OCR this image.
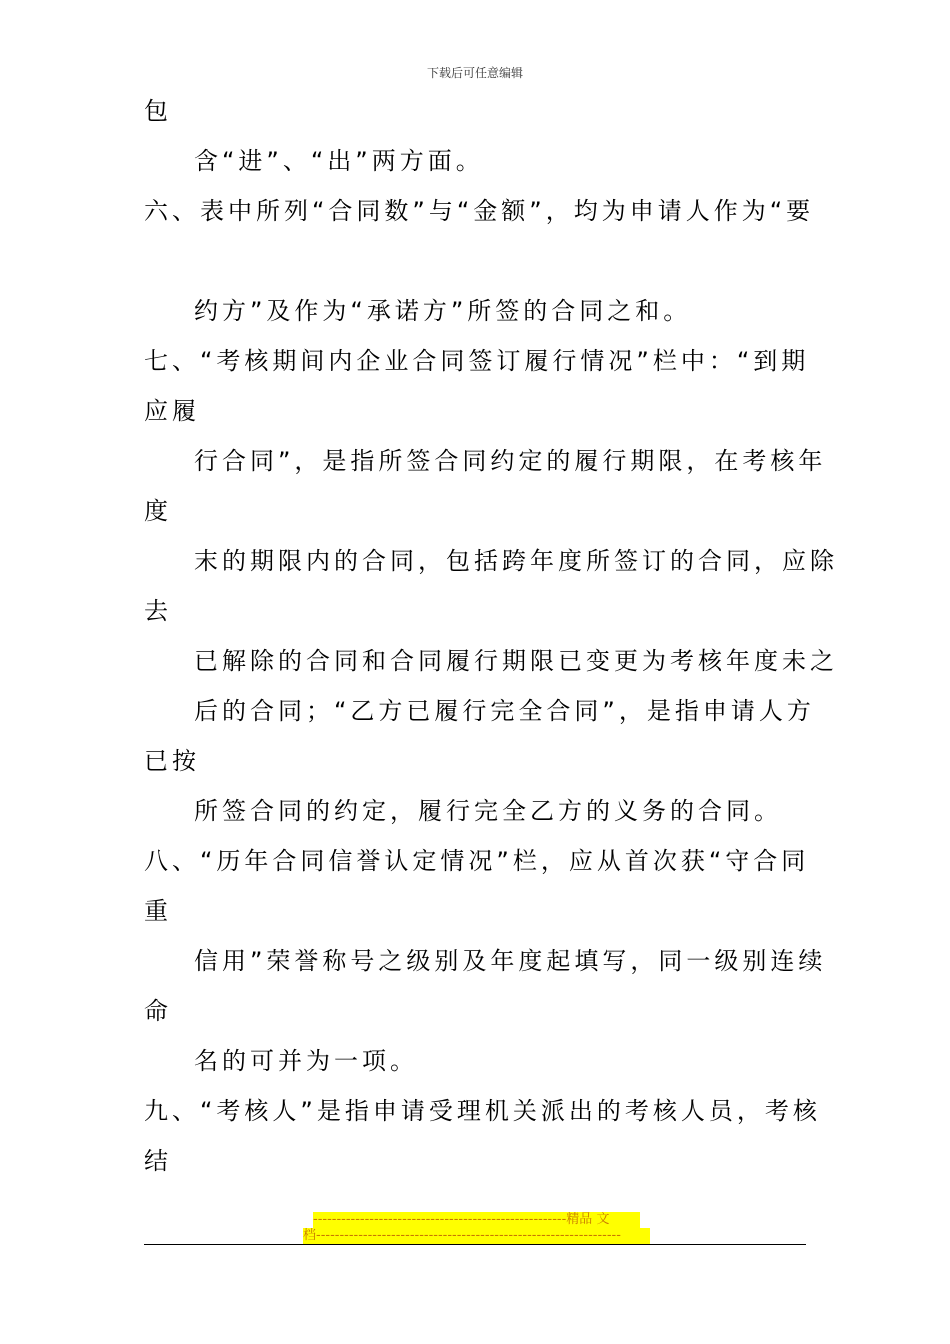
下载后可任意编辑
包
含“进”、“出”两方面。
六、表中所列“合同数”与“金额”，均为申请人作为“要
约方”及作为“承诺方”所签的合同之和。
七、“考核期间内企业合同签订履行情况”栏中：“到期
应履
行合同”，是指所签合同约定的履行期限，在考核年
度
末的期限内的合同，包括跨年度所签订的合同，应除
去
已解除的合同和合同履行期限已变更为考核年度未之
后的合同；“乙方已履行完全合同”，是指申请人方
已按
所签合同的约定，履行完全乙方的义务的合同。
八、“历年合同信誉认定情况”栏，应从首次获“守合同
重
信用”荣誉称号之级别及年度起填写，同一级别连续
命
名的可并为一项。
九、“考核人”是指申请受理机关派出的考核人员，考核
结
------------------------------------------------------精品 文
档-----------------------------------------------------------------
